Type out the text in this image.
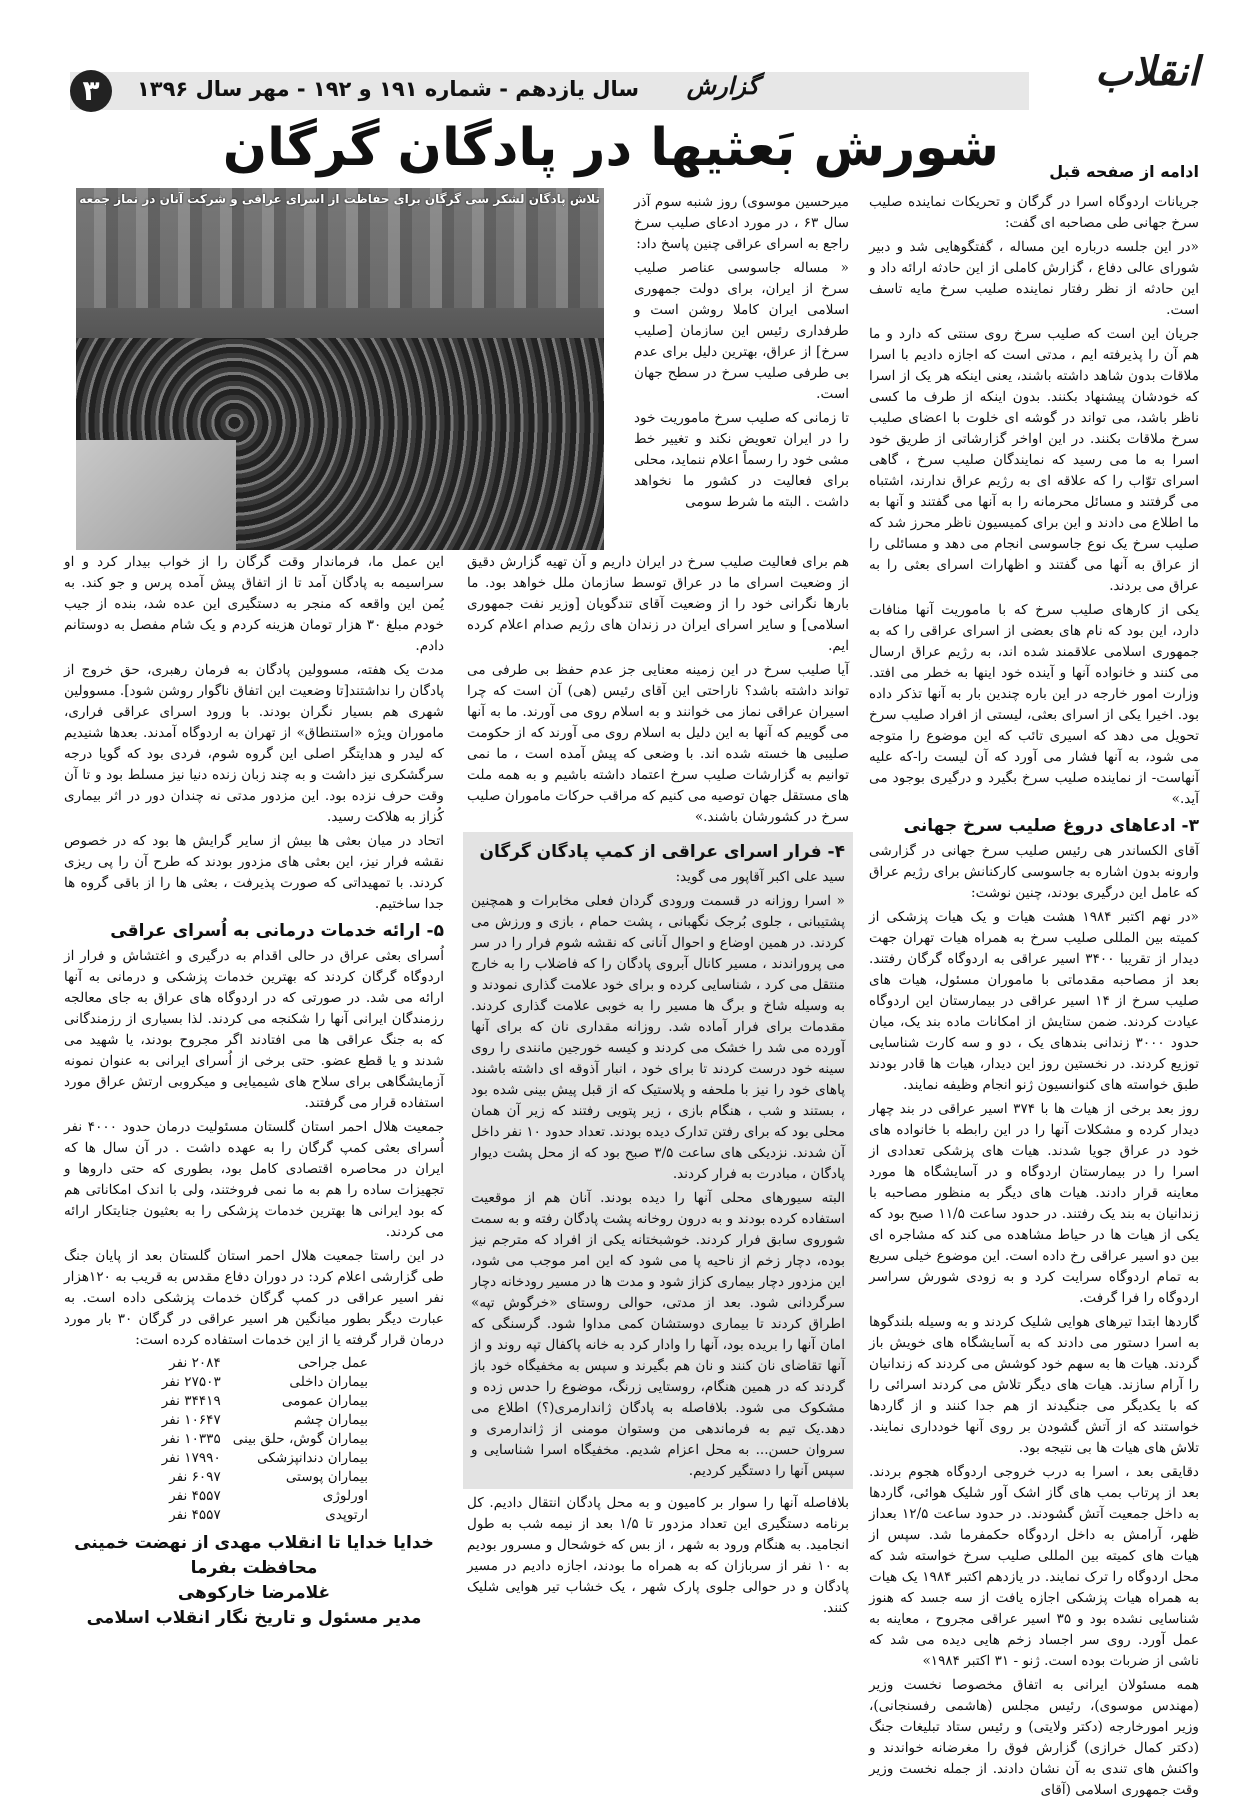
انقلاب
سال یازدهم - شماره ۱۹۱ و ۱۹۲ - مهر سال ۱۳۹۶ گزارش
۳
شورش بَعثیها در پادگان گرگان	ادامه از صفحه قبل

جریانات اردوگاه اسرا در گرگان و تحریکات نماینده صلیب سرخ جهانی طی مصاحبه ای گفت:

«در این جلسه درباره این مساله ، گفتگوهایی شد و دبیر شورای عالی دفاع ، گزارش کاملی از این حادثه ارائه داد و این حادثه از نظر رفتار نماینده صلیب سرخ مایه تاسف است.

جریان این است که صلیب سرخ روی سنتی که دارد و ما هم آن را پذیرفته ایم ، مدتی است که اجازه دادیم با اسرا ملاقات بدون شاهد داشته باشند، یعنی اینکه هر یک از اسرا که خودشان پیشنهاد بکنند. بدون اینکه از طرف ما کسی ناظر باشد، می تواند در گوشه ای خلوت با اعضای صلیب سرخ ملاقات بکنند. در این اواخر گزارشاتی از طریق خود اسرا به ما می رسید که نمایندگان صلیب سرخ ، گاهی اسرای توّاب را که علاقه ای به رژیم عراق ندارند، اشتباه می گرفتند و مسائل محرمانه را به آنها می گفتند و آنها به ما اطلاع می دادند و این برای کمیسیون ناظر محرز شد که صلیب سرخ یک نوع جاسوسی انجام می دهد و مسائلی را از عراق به آنها می گفتند و اظهارات اسرای بعثی را به عراق می بردند.

یکی از کارهای صلیب سرخ که با ماموریت آنها منافات دارد، این بود که نام های بعضی از اسرای عراقی را که به جمهوری اسلامی علاقمند شده اند، به رژیم عراق ارسال می کنند و خانواده آنها و آینده خود اینها به خطر می افتد. وزارت امور خارجه در این باره چندین بار به آنها تذکر داده بود. اخیرا یکی از اسرای بعثی، لیستی از افراد صلیب سرخ تحویل می دهد که اسیری تائب که این موضوع را متوجه می شود، به آنها فشار می آورد که آن لیست را-که علیه آنهاست- از نماینده صلیب سرخ بگیرد و درگیری بوجود می آید.»

۳- ادعاهای دروغ صلیب سرخ جهانی

آقای الکساندر هی رئیس صلیب سرخ جهانی در گزارشی وارونه بدون اشاره به جاسوسی کارکنانش برای رژیم عراق که عامل این درگیری بودند، چنین نوشت:

«در نهم اکتبر ۱۹۸۴ هشت هیات و یک هیات پزشکی از کمیته بین المللی صلیب سرخ به همراه هیات تهران جهت دیدار از تقریبا ۳۴۰۰ اسیر عراقی به اردوگاه گرگان رفتند. بعد از مصاحبه مقدماتی با ماموران مسئول، هیات های صلیب سرخ از ۱۴ اسیر عراقی در بیمارستان این اردوگاه عیادت کردند. ضمن ستایش از امکانات ماده بند یک، میان حدود ۳۰۰۰ زندانی بندهای یک ، دو و سه کارت شناسایی توزیع کردند. در نخستین روز این دیدار، هیات ها قادر بودند طبق خواسته های کنوانسیون ژنو انجام وظیفه نمایند.

روز بعد برخی از هیات ها با ۳۷۴ اسیر عراقی در بند چهار دیدار کرده و مشکلات آنها را در این رابطه با خانواده های خود در عراق جویا شدند. هیات های پزشکی تعدادی از اسرا را در بیمارستان اردوگاه و در آسایشگاه ها مورد معاینه قرار دادند. هیات های دیگر به منظور مصاحبه با زندانیان به بند یک رفتند. در حدود ساعت ۱۱/۵ صبح بود که یکی از هیات ها در حیاط مشاهده می کند که مشاجره ای بین دو اسیر عراقی رخ داده است. این موضوع خیلی سریع به تمام اردوگاه سرایت کرد و به زودی شورش سراسر اردوگاه را فرا گرفت.

گاردها ابتدا تیرهای هوایی شلیک کردند و به وسیله بلندگوها به اسرا دستور می دادند که به آسایشگاه های خویش باز گردند. هیات ها به سهم خود کوشش می کردند که زندانیان را آرام سازند. هیات های دیگر تلاش می کردند اسرائی را که با یکدیگر می جنگیدند از هم جدا کنند و از گاردها خواستند که از آتش گشودن بر روی آنها خودداری نمایند. تلاش های هیات ها بی نتیجه بود.

دقایقی بعد ، اسرا به درب خروجی اردوگاه هجوم بردند. بعد از پرتاب بمب های گاز اشک آور شلیک هوائی، گاردها به داخل جمعیت آتش گشودند. در حدود ساعت ۱۲/۵ بعداز ظهر، آرامش به داخل اردوگاه حکمفرما شد. سپس از هیات های کمیته بین المللی صلیب سرخ خواسته شد که محل اردوگاه را ترک نمایند. در یازدهم اکتبر ۱۹۸۴ یک هیات به همراه هیات پزشکی اجازه یافت از سه جسد که هنوز شناسایی نشده بود و ۳۵ اسیر عراقی مجروح ، معاینه به عمل آورد. روی سر اجساد زخم هایی دیده می شد که ناشی از ضربات بوده است. ژنو - ۳۱ اکتبر ۱۹۸۴»

همه مسئولان ایرانی به اتفاق مخصوصا نخست وزیر (مهندس موسوی)، رئیس مجلس (هاشمی رفسنجانی)، وزیر امورخارجه (دکتر ولایتی) و رئیس ستاد تبلیغات جنگ (دکتر کمال خرازی) گزارش فوق را مغرضانه خواندند و واکنش های تندی به آن نشان دادند. از جمله نخست وزیر وقت جمهوری اسلامی (آقای

میرحسین موسوی) روز شنبه سوم آذر سال ۶۳ ، در مورد ادعای صلیب سرخ راجع به اسرای عراقی چنین پاسخ داد:

« مساله جاسوسی عناصر صلیب سرخ از ایران، برای دولت جمهوری اسلامی ایران کاملا روشن است و طرفداری رئیس این سازمان [صلیب سرخ] از عراق، بهترین دلیل برای عدم بی طرفی صلیب سرخ در سطح جهان است.

تا زمانی که صلیب سرخ ماموریت خود را در ایران تعویض نکند و تغییر خط مشی خود را رسماً اعلام ننماید، محلی برای فعالیت در کشور ما نخواهد داشت . البته ما شرط سومی

تلاش پادگان لشکر سی گرگان برای حفاظت از اسرای عراقی و شرکت آنان در نماز جمعه

هم برای فعالیت صلیب سرخ در ایران داریم و آن تهیه گزارش دقیق از وضعیت اسرای ما در عراق توسط سازمان ملل خواهد بود. ما بارها نگرانی خود را از وضعیت آقای تندگویان [وزیر نفت جمهوری اسلامی] و سایر اسرای ایران در زندان های رژیم صدام اعلام کرده ایم.

آیا صلیب سرخ در این زمینه معنایی جز عدم حفظ بی طرفی می تواند داشته باشد؟ ناراحتی این آقای رئیس (هی) آن است که چرا اسیران عراقی نماز می خوانند و به اسلام روی می آورند. ما به آنها می گوییم که آنها به این دلیل به اسلام روی می آورند که از حکومت صلیبی ها خسته شده اند. با وضعی که پیش آمده است ، ما نمی توانیم به گزارشات صلیب سرخ اعتماد داشته باشیم و به همه ملت های مستقل جهان توصیه می کنیم که مراقب حرکات ماموران صلیب سرخ در کشورشان باشند.»

۴- فرار اسرای عراقی از کمپ پادگان گرگان

سید علی اکبر آقاپور می گوید:

« اسرا روزانه در قسمت ورودی گردان فعلی مخابرات و همچنین پشتیبانی ، جلوی بُرجک نگهبانی ، پشت حمام ، بازی و ورزش می کردند. در همین اوضاع و احوال آنانی که نقشه شوم فرار را در سر می پروراندند ، مسیر کانال آبروی پادگان را که فاضلاب را به خارج منتقل می کرد ، شناسایی کرده و برای خود علامت گذاری نمودند و به وسیله شاخ و برگ ها مسیر را به خوبی علامت گذاری کردند. مقدمات برای فرار آماده شد. روزانه مقداری نان که برای آنها آورده می شد را خشک می کردند و کیسه خورجین مانندی را روی سینه خود درست کردند تا برای خود ، انبار آذوقه ای داشته باشند. پاهای خود را نیز با ملحفه و پلاستیک که از قبل پیش بینی شده بود ، بستند و شب ، هنگام بازی ، زیر پتویی رفتند که زیر آن همان محلی بود که برای رفتن تدارک دیده بودند. تعداد حدود ۱۰ نفر داخل آن شدند. نزدیکی های ساعت ۳/۵ صبح بود که از محل پشت دیوار پادگان ، مبادرت به فرار کردند.

البته سیورهای محلی آنها را دیده بودند. آنان هم از موقعیت استفاده کرده بودند و به درون روخانه پشت پادگان رفته و به سمت شوروی سابق فرار کردند. خوشبختانه یکی از افراد که مترجم نیز بوده، دچار زخم از ناحیه پا می شود که این امر موجب می شود، این مزدور دچار بیماری کزاز شود و مدت ها در مسیر رودخانه دچار سرگردانی شود. بعد از مدتی، حوالی روستای «خرگوش تپه» اطراق کردند تا بیماری دوستشان کمی مداوا شود. گرسنگی که امان آنها را بریده بود، آنها را وادار کرد به خانه پاکفال تپه روند و از آنها تقاضای نان کنند و نان هم بگیرند و سپس به مخفیگاه خود باز گردند که در همین هنگام، روستایی زرنگ، موضوع را حدس زده و مشکوک می شود. بلافاصله به پادگان ژاندارمری(؟) اطلاع می دهد.یک تیم به فرماندهی من وستوان مومنی از ژاندارمری و سروان حسن... به محل اعزام شدیم. مخفیگاه اسرا شناسایی و سپس آنها را دستگیر کردیم.

بلافاصله آنها را سوار بر کامیون و به محل پادگان انتقال دادیم. کل برنامه دستگیری این تعداد مزدور تا ۱/۵ بعد از نیمه شب به طول انجامید. به هنگام ورود به شهر ، از بس که خوشحال و مسرور بودیم به ۱۰ نفر از سربازان که به همراه ما بودند، اجازه دادیم در مسیر پادگان و در حوالی جلوی پارک شهر ، یک خشاب تیر هوایی شلیک کنند.

این عمل ما، فرماندار وقت گرگان را از خواب بیدار کرد و او سراسیمه به پادگان آمد تا از اتفاق پیش آمده پرس و جو کند. به یُمن این واقعه که منجر به دستگیری این عده شد، بنده از جیب خودم مبلغ ۳۰ هزار تومان هزینه کردم و یک شام مفصل به دوستانم دادم.

مدت یک هفته، مسوولین پادگان به فرمان رهبری، حق خروج از پادگان را نداشتند[تا وضعیت این اتفاق ناگوار روشن شود]. مسوولین شهری هم بسیار نگران بودند. با ورود اسرای عراقی فراری، ماموران ویژه «استنطاق» از تهران به اردوگاه آمدند. بعدها شنیدیم که لیدر و هدایتگر اصلی این گروه شوم، فردی بود که گویا درجه سرگشکری نیز داشت و به چند زبان زنده دنیا نیز مسلط بود و تا آن وقت حرف نزده بود. این مزدور مدتی نه چندان دور در اثر بیماری کُزاز به هلاکت رسید.

اتحاد در میان بعثی ها بیش از سایر گرایش ها بود که در خصوص نقشه فرار نیز، این بعثی های مزدور بودند که طرح آن را پی ریزی کردند. با تمهیداتی که صورت پذیرفت ، بعثی ها را از باقی گروه ها جدا ساختیم.

۵- ارائه خدمات درمانی به اُسرای عراقی

اُسرای بعثی عراق در حالی اقدام به درگیری و اغتشاش و فرار از اردوگاه گرگان کردند که بهترین خدمات پزشکی و درمانی به آنها ارائه می شد. در صورتی که در اردوگاه های عراق به جای معالجه رزمندگان ایرانی آنها را شکنجه می کردند. لذا بسیاری از رزمندگانی که به جنگ عراقی ها می افتادند اگر مجروح بودند، یا شهید می شدند و یا قطع عضو. حتی برخی از اُسرای ایرانی به عنوان نمونه آزمایشگاهی برای سلاح های شیمیایی و میکروبی ارتش عراق مورد استفاده قرار می گرفتند.

جمعیت هلال احمر استان گلستان مسئولیت درمان حدود ۴۰۰۰ نفر اُسرای بعثی کمپ گرگان را به عهده داشت . در آن سال ها که ایران در محاصره اقتصادی کامل بود، بطوری که حتی داروها و تجهیزات ساده را هم به ما نمی فروختند، ولی با اندک امکاناتی هم که بود ایرانی ها بهترین خدمات پزشکی را به بعثیون جنایتکار ارائه می کردند.

در این راستا جمعیت هلال احمر استان گلستان بعد از پایان جنگ طی گزارشی اعلام کرد: در دوران دفاع مقدس به قریب به ۱۲۰هزار نفر اسیر عراقی در کمپ گرگان خدمات پزشکی داده است. به عبارت دیگر بطور میانگین هر اسیر عراقی در گرگان ۳۰ بار مورد درمان قرار گرفته یا از این خدمات استفاده کرده است:

عمل جراحی	۲۰۸۴ نفر
بیماران داخلی	۲۷۵۰۳ نفر
بیماران عمومی	۳۴۴۱۹ نفر
بیماران چشم	۱۰۶۴۷ نفر
بیماران گوش، حلق بینی	۱۰۳۳۵ نفر
بیماران دندانپزشکی	۱۷۹۹۰ نفر
بیماران پوستی	۶۰۹۷ نفر
اورلوژی	۴۵۵۷ نفر
ارتوپدی	۴۵۵۷ نفر
خدایا خدایا تا انقلاب مهدی از نهضت خمینی
محافظت بفرما
غلامرضا خارکوهی
مدیر مسئول و تاریخ نگار انقلاب اسلامی
